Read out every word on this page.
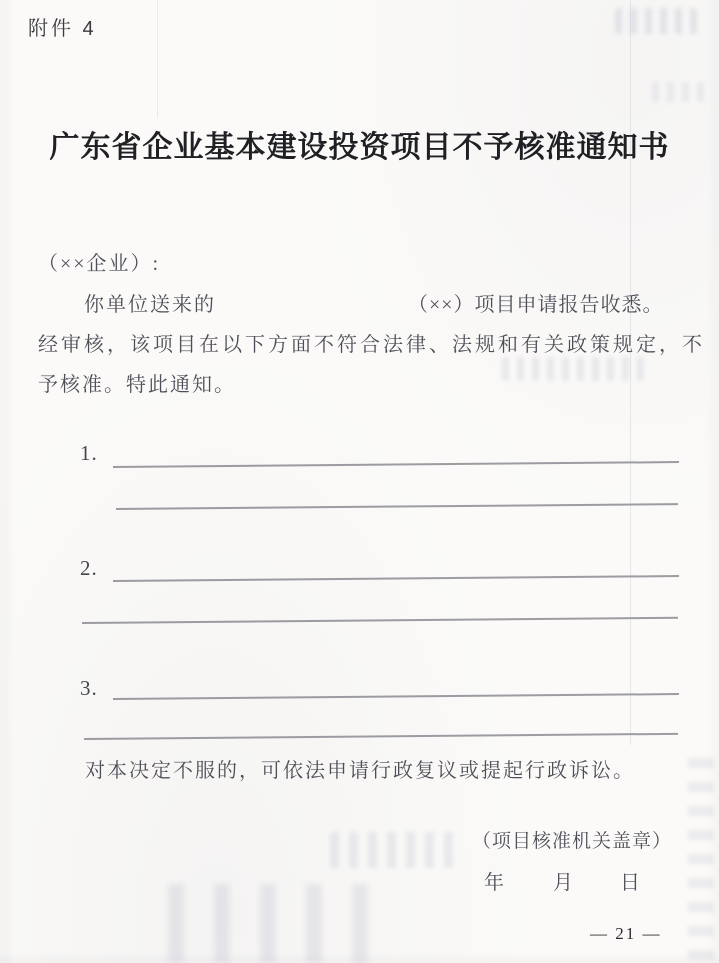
附件 4
广东省企业基本建设投资项目不予核准通知书
（××企业）:
你单位送来的	（××）项目申请报告收悉。
经审核，该项目在以下方面不符合法律、法规和有关政策规定，不
予核准。特此通知。
1.
2.
3.
对本决定不服的，可依法申请行政复议或提起行政诉讼。
（项目核准机关盖章）
年 月 日
— 21 —
